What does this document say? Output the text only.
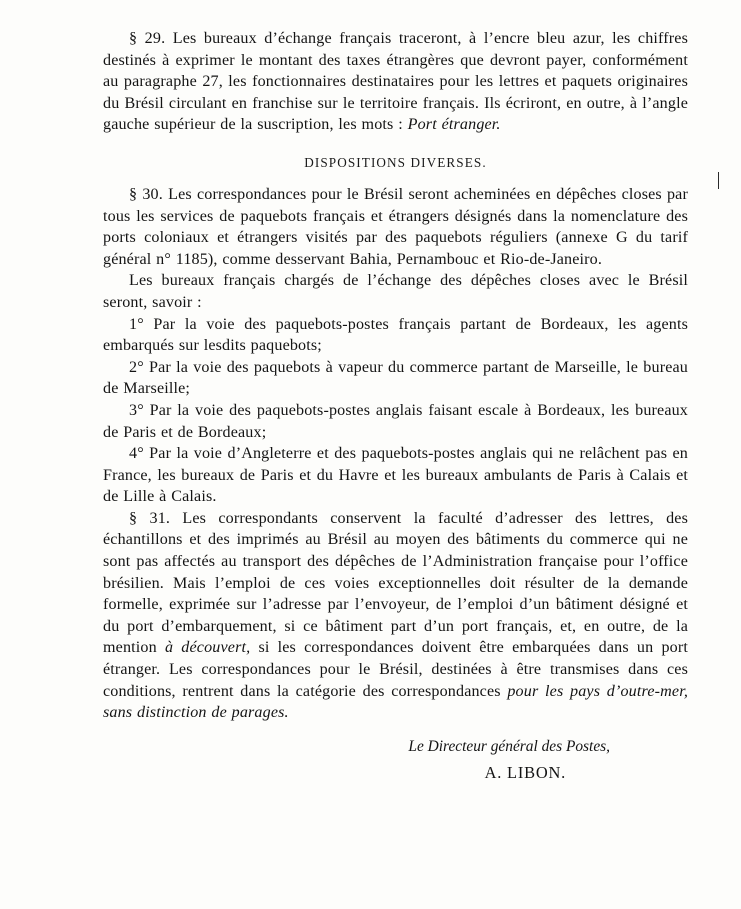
§ 29. Les bureaux d’échange français traceront, à l’encre bleu azur, les chiffres destinés à exprimer le montant des taxes étrangères que devront payer, conformément au paragraphe 27, les fonctionnaires destinataires pour les lettres et paquets originaires du Brésil circulant en franchise sur le territoire français. Ils écriront, en outre, à l’angle gauche supérieur de la suscription, les mots : Port étranger.

DISPOSITIONS DIVERSES.

§ 30. Les correspondances pour le Brésil seront acheminées en dépêches closes par tous les services de paquebots français et étrangers désignés dans la nomenclature des ports coloniaux et étrangers visités par des paquebots réguliers (annexe G du tarif général n° 1185), comme desservant Bahia, Pernambouc et Rio-de-Janeiro.

Les bureaux français chargés de l’échange des dépêches closes avec le Brésil seront, savoir :

1° Par la voie des paquebots-postes français partant de Bordeaux, les agents embarqués sur lesdits paquebots;

2° Par la voie des paquebots à vapeur du commerce partant de Marseille, le bureau de Marseille;

3° Par la voie des paquebots-postes anglais faisant escale à Bordeaux, les bureaux de Paris et de Bordeaux;

4° Par la voie d’Angleterre et des paquebots-postes anglais qui ne relâchent pas en France, les bureaux de Paris et du Havre et les bureaux ambulants de Paris à Calais et de Lille à Calais.

§ 31. Les correspondants conservent la faculté d’adresser des lettres, des échantillons et des imprimés au Brésil au moyen des bâtiments du commerce qui ne sont pas affectés au transport des dépêches de l’Administration française pour l’office brésilien. Mais l’emploi de ces voies exceptionnelles doit résulter de la demande formelle, exprimée sur l’adresse par l’envoyeur, de l’emploi d’un bâtiment désigné et du port d’embarquement, si ce bâtiment part d’un port français, et, en outre, de la mention à découvert, si les correspondances doivent être embarquées dans un port étranger. Les correspondances pour le Brésil, destinées à être transmises dans ces conditions, rentrent dans la catégorie des correspondances pour les pays d’outre-mer, sans distinction de parages.

Le Directeur général des Postes,
A. LIBON.
